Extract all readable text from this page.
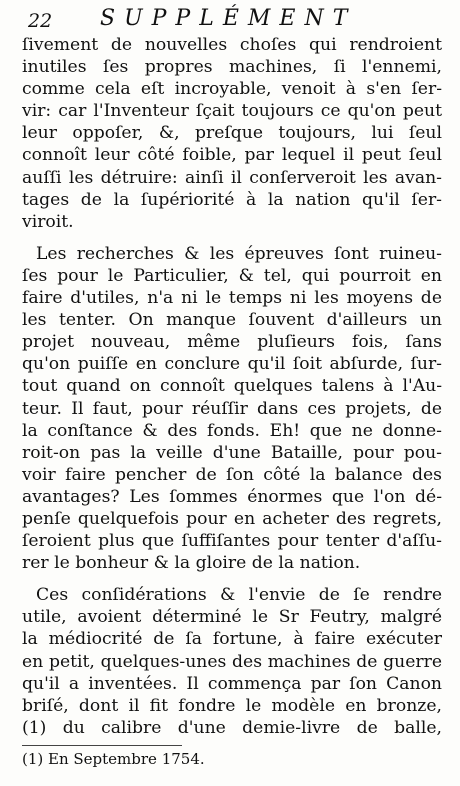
22 SUPPLÉMENT
ſivement de nouvelles choſes qui rendroient
inutiles ſes propres machines, ſi l'ennemi,
comme cela eſt incroyable, venoit à s'en ſer-
vir: car l'Inventeur ſçait toujours ce qu'on peut
leur oppoſer, &, preſque toujours, lui ſeul
connoît leur côté foible, par lequel il peut ſeul
auſſi les détruire: ainſi il conſerveroit les avan-
tages de la ſupériorité à la nation qu'il ſer-
viroit.
Les recherches & les épreuves ſont ruineu-
ſes pour le Particulier, & tel, qui pourroit en
faire d'utiles, n'a ni le temps ni les moyens de
les tenter. On manque ſouvent d'ailleurs un
projet nouveau, même pluſieurs fois, ſans
qu'on puiſſe en conclure qu'il ſoit abſurde, ſur-
tout quand on connoît quelques talens à l'Au-
teur. Il faut, pour réuſſir dans ces projets, de
la conſtance & des fonds. Eh! que ne donne-
roit-on pas la veille d'une Bataille, pour pou-
voir faire pencher de ſon côté la balance des
avantages? Les ſommes énormes que l'on dé-
penſe quelquefois pour en acheter des regrets,
ſeroient plus que ſuffiſantes pour tenter d'aſſu-
rer le bonheur & la gloire de la nation.
Ces conſidérations & l'envie de ſe rendre
utile, avoient déterminé le Sr Feutry, malgré
la médiocrité de ſa fortune, à faire exécuter
en petit, quelques-unes des machines de guerre
qu'il a inventées. Il commença par ſon Canon
briſé, dont il fit fondre le modèle en bronze,
(1) du calibre d'une demie-livre de balle,
(1) En Septembre 1754.
